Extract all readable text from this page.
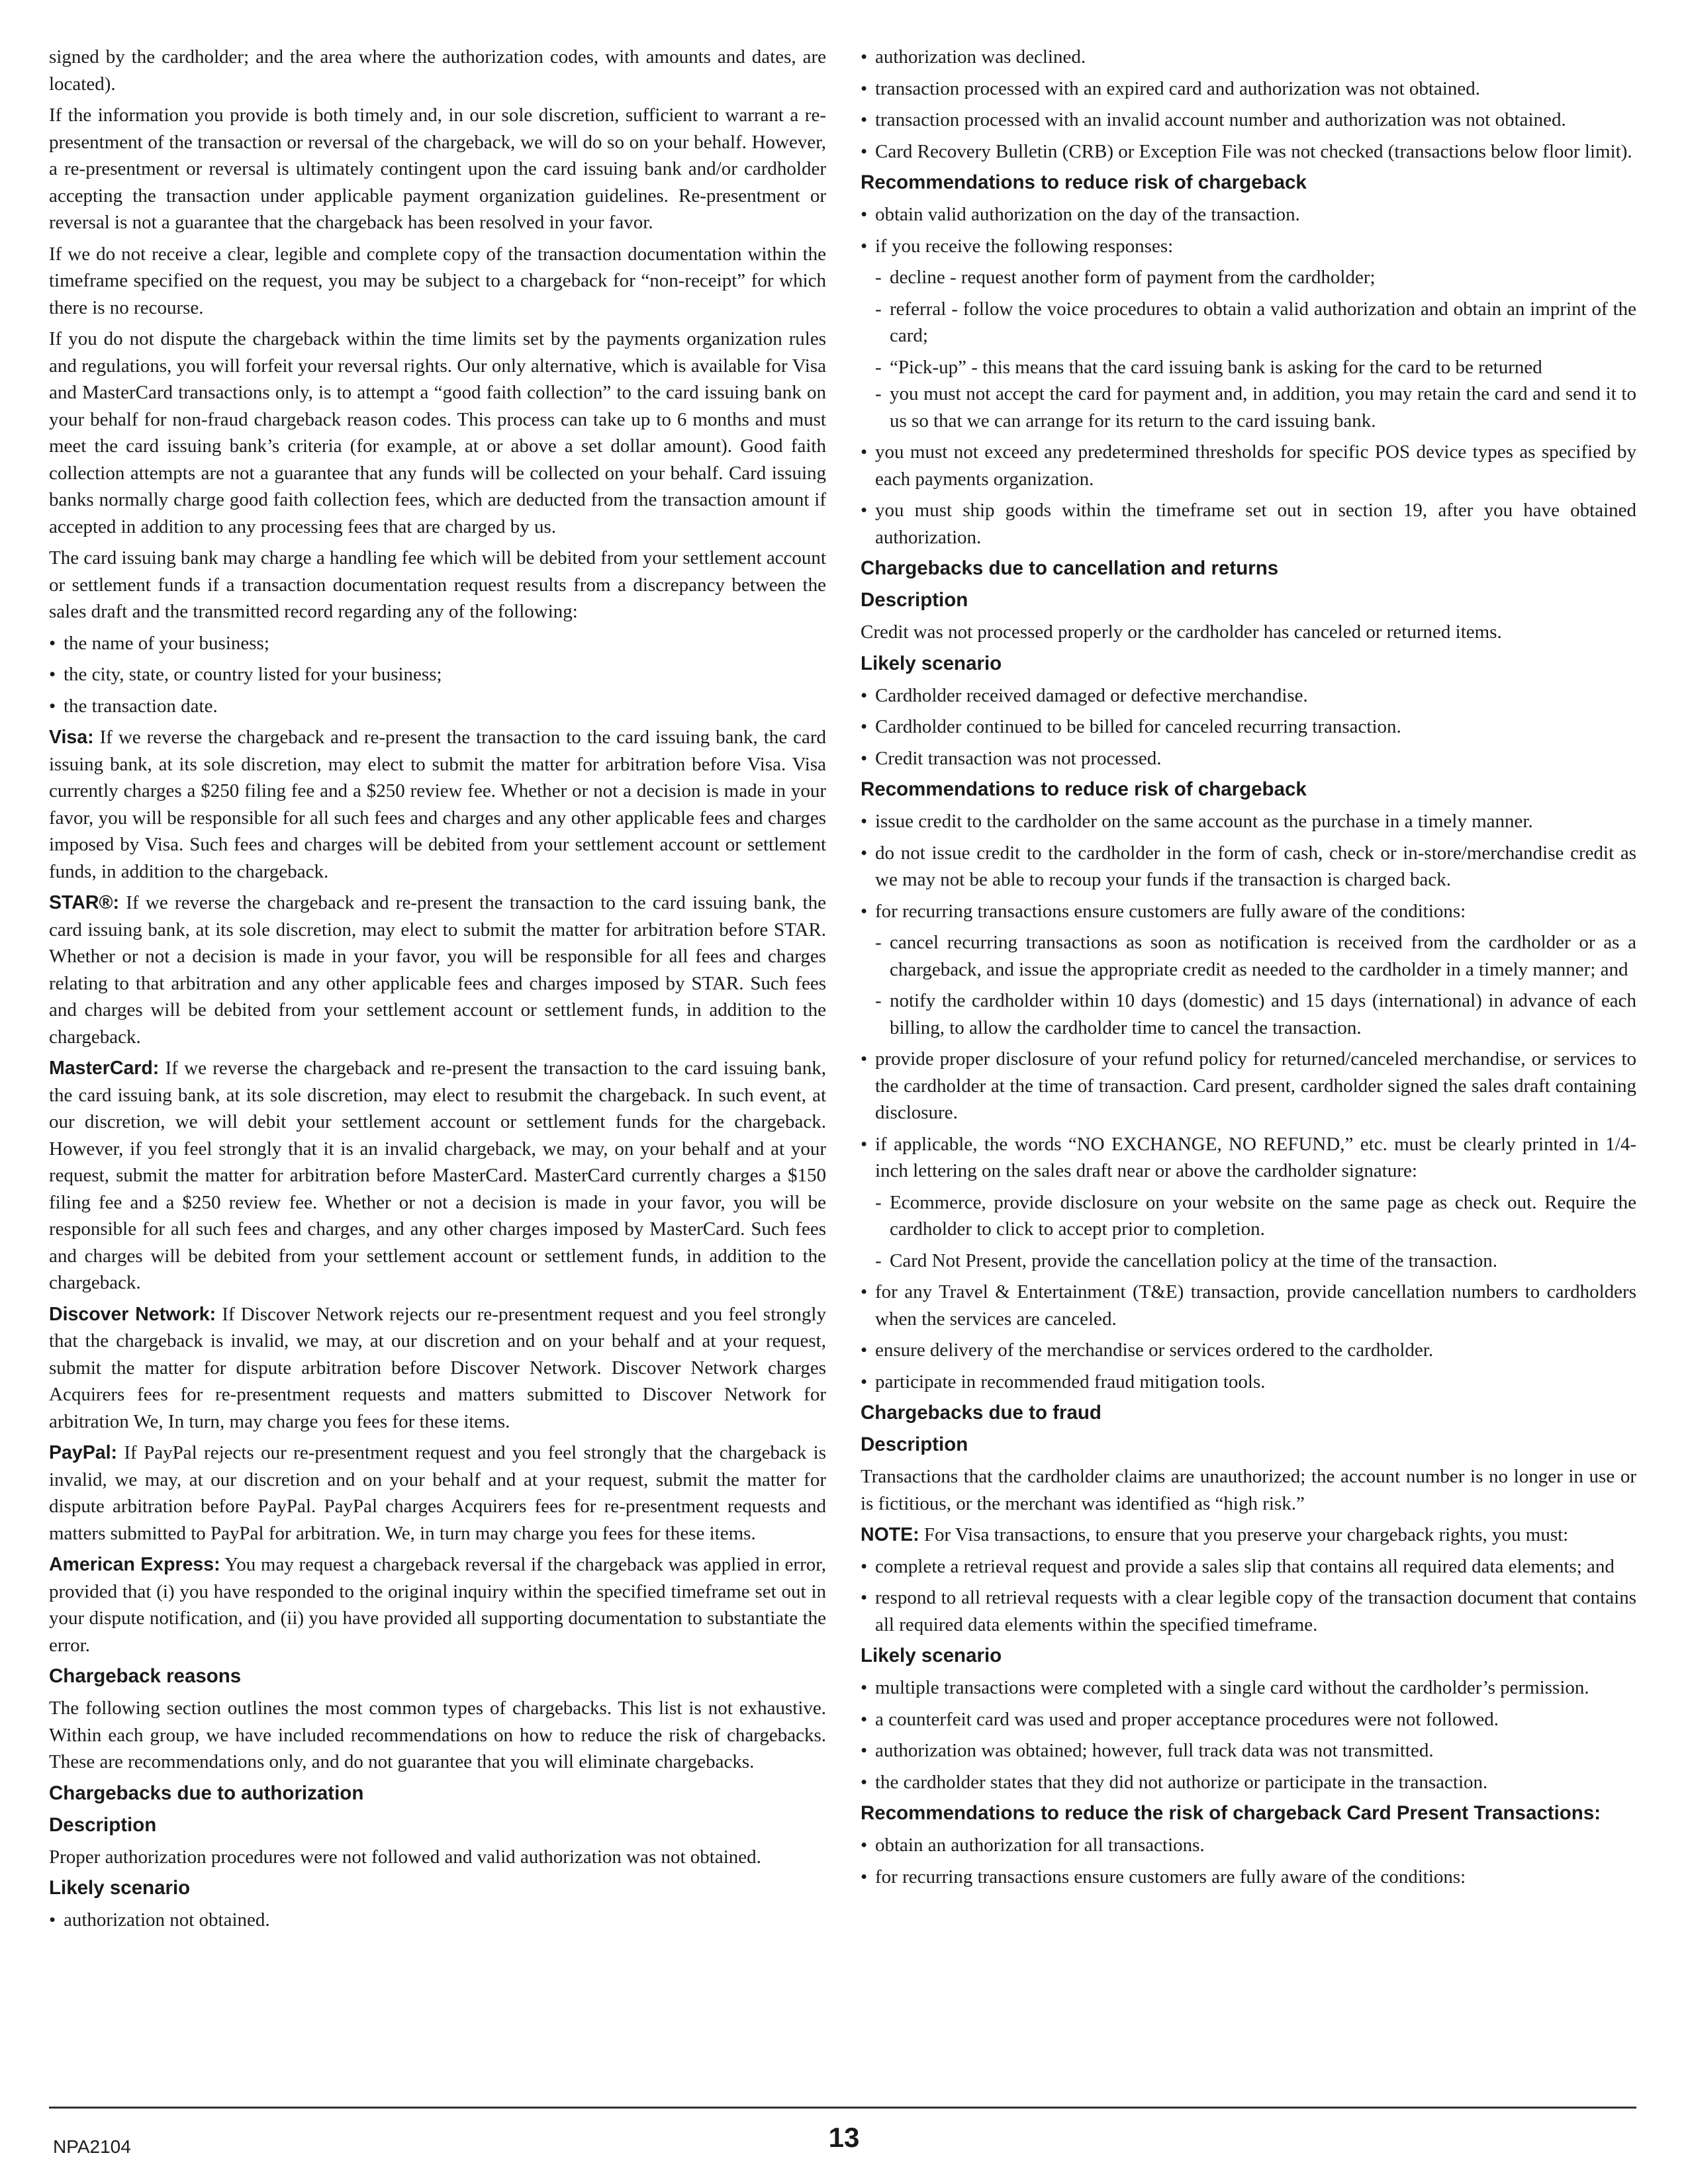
signed by the cardholder; and the area where the authorization codes, with amounts and dates, are located).

If the information you provide is both timely and, in our sole discretion, sufficient to warrant a re-presentment of the transaction or reversal of the chargeback, we will do so on your behalf. However, a re-presentment or reversal is ultimately contingent upon the card issuing bank and/or cardholder accepting the transaction under applicable payment organization guidelines. Re-presentment or reversal is not a guarantee that the chargeback has been resolved in your favor.

If we do not receive a clear, legible and complete copy of the transaction documentation within the timeframe specified on the request, you may be subject to a chargeback for “non-receipt” for which there is no recourse.

If you do not dispute the chargeback within the time limits set by the payments organization rules and regulations, you will forfeit your reversal rights. Our only alternative, which is available for Visa and MasterCard transactions only, is to attempt a “good faith collection” to the card issuing bank on your behalf for non-fraud chargeback reason codes. This process can take up to 6 months and must meet the card issuing bank’s criteria (for example, at or above a set dollar amount). Good faith collection attempts are not a guarantee that any funds will be collected on your behalf. Card issuing banks normally charge good faith collection fees, which are deducted from the transaction amount if accepted in addition to any processing fees that are charged by us.

The card issuing bank may charge a handling fee which will be debited from your settlement account or settlement funds if a transaction documentation request results from a discrepancy between the sales draft and the transmitted record regarding any of the following:

• the name of your business;
• the city, state, or country listed for your business;
• the transaction date.

Visa: If we reverse the chargeback and re-present the transaction to the card issuing bank, the card issuing bank, at its sole discretion, may elect to submit the matter for arbitration before Visa. Visa currently charges a $250 filing fee and a $250 review fee. Whether or not a decision is made in your favor, you will be responsible for all such fees and charges and any other applicable fees and charges imposed by Visa. Such fees and charges will be debited from your settlement account or settlement funds, in addition to the chargeback.

STAR®: If we reverse the chargeback and re-present the transaction to the card issuing bank, the card issuing bank, at its sole discretion, may elect to submit the matter for arbitration before STAR. Whether or not a decision is made in your favor, you will be responsible for all fees and charges relating to that arbitration and any other applicable fees and charges imposed by STAR. Such fees and charges will be debited from your settlement account or settlement funds, in addition to the chargeback.

MasterCard: If we reverse the chargeback and re-present the transaction to the card issuing bank, the card issuing bank, at its sole discretion, may elect to resubmit the chargeback. In such event, at our discretion, we will debit your settlement account or settlement funds for the chargeback. However, if you feel strongly that it is an invalid chargeback, we may, on your behalf and at your request, submit the matter for arbitration before MasterCard. MasterCard currently charges a $150 filing fee and a $250 review fee. Whether or not a decision is made in your favor, you will be responsible for all such fees and charges, and any other charges imposed by MasterCard. Such fees and charges will be debited from your settlement account or settlement funds, in addition to the chargeback.

Discover Network: If Discover Network rejects our re-presentment request and you feel strongly that the chargeback is invalid, we may, at our discretion and on your behalf and at your request, submit the matter for dispute arbitration before Discover Network. Discover Network charges Acquirers fees for re-presentment requests and matters submitted to Discover Network for arbitration We, In turn, may charge you fees for these items.

PayPal: If PayPal rejects our re-presentment request and you feel strongly that the chargeback is invalid, we may, at our discretion and on your behalf and at your request, submit the matter for dispute arbitration before PayPal. PayPal charges Acquirers fees for re-presentment requests and matters submitted to PayPal for arbitration. We, in turn may charge you fees for these items.

American Express: You may request a chargeback reversal if the chargeback was applied in error, provided that (i) you have responded to the original inquiry within the specified timeframe set out in your dispute notification, and (ii) you have provided all supporting documentation to substantiate the error.

Chargeback reasons

The following section outlines the most common types of chargebacks. This list is not exhaustive. Within each group, we have included recommendations on how to reduce the risk of chargebacks. These are recommendations only, and do not guarantee that you will eliminate chargebacks.

Chargebacks due to authorization
Description

Proper authorization procedures were not followed and valid authorization was not obtained.

Likely scenario
• authorization not obtained.
• authorization was declined.
• transaction processed with an expired card and authorization was not obtained.
• transaction processed with an invalid account number and authorization was not obtained.
• Card Recovery Bulletin (CRB) or Exception File was not checked (transactions below floor limit).
Recommendations to reduce risk of chargeback
• obtain valid authorization on the day of the transaction.
• if you receive the following responses:
- decline - request another form of payment from the cardholder;
- referral - follow the voice procedures to obtain a valid authorization and obtain an imprint of the card;
- “Pick-up” - this means that the card issuing bank is asking for the card to be returned
- you must not accept the card for payment and, in addition, you may retain the card and send it to us so that we can arrange for its return to the card issuing bank.
• you must not exceed any predetermined thresholds for specific POS device types as specified by each payments organization.
• you must ship goods within the timeframe set out in section 19, after you have obtained authorization.
Chargebacks due to cancellation and returns
Description

Credit was not processed properly or the cardholder has canceled or returned items.

Likely scenario
• Cardholder received damaged or defective merchandise.
• Cardholder continued to be billed for canceled recurring transaction.
• Credit transaction was not processed.
Recommendations to reduce risk of chargeback
• issue credit to the cardholder on the same account as the purchase in a timely manner.
• do not issue credit to the cardholder in the form of cash, check or in-store/merchandise credit as we may not be able to recoup your funds if the transaction is charged back.
• for recurring transactions ensure customers are fully aware of the conditions:
- cancel recurring transactions as soon as notification is received from the cardholder or as a chargeback, and issue the appropriate credit as needed to the cardholder in a timely manner; and
- notify the cardholder within 10 days (domestic) and 15 days (international) in advance of each billing, to allow the cardholder time to cancel the transaction.
• provide proper disclosure of your refund policy for returned/canceled merchandise, or services to the cardholder at the time of transaction. Card present, cardholder signed the sales draft containing disclosure.
• if applicable, the words “NO EXCHANGE, NO REFUND,” etc. must be clearly printed in 1/4-inch lettering on the sales draft near or above the cardholder signature:
- Ecommerce, provide disclosure on your website on the same page as check out. Require the cardholder to click to accept prior to completion.
- Card Not Present, provide the cancellation policy at the time of the transaction.
• for any Travel & Entertainment (T&E) transaction, provide cancellation numbers to cardholders when the services are canceled.
• ensure delivery of the merchandise or services ordered to the cardholder.
• participate in recommended fraud mitigation tools.
Chargebacks due to fraud
Description

Transactions that the cardholder claims are unauthorized; the account number is no longer in use or is fictitious, or the merchant was identified as “high risk.”

NOTE: For Visa transactions, to ensure that you preserve your chargeback rights, you must:

• complete a retrieval request and provide a sales slip that contains all required data elements; and
• respond to all retrieval requests with a clear legible copy of the transaction document that contains all required data elements within the specified timeframe.
Likely scenario
• multiple transactions were completed with a single card without the cardholder’s permission.
• a counterfeit card was used and proper acceptance procedures were not followed.
• authorization was obtained; however, full track data was not transmitted.
• the cardholder states that they did not authorize or participate in the transaction.
Recommendations to reduce the risk of chargeback Card Present Transactions:
• obtain an authorization for all transactions.
• for recurring transactions ensure customers are fully aware of the conditions:
NPA2104	13
